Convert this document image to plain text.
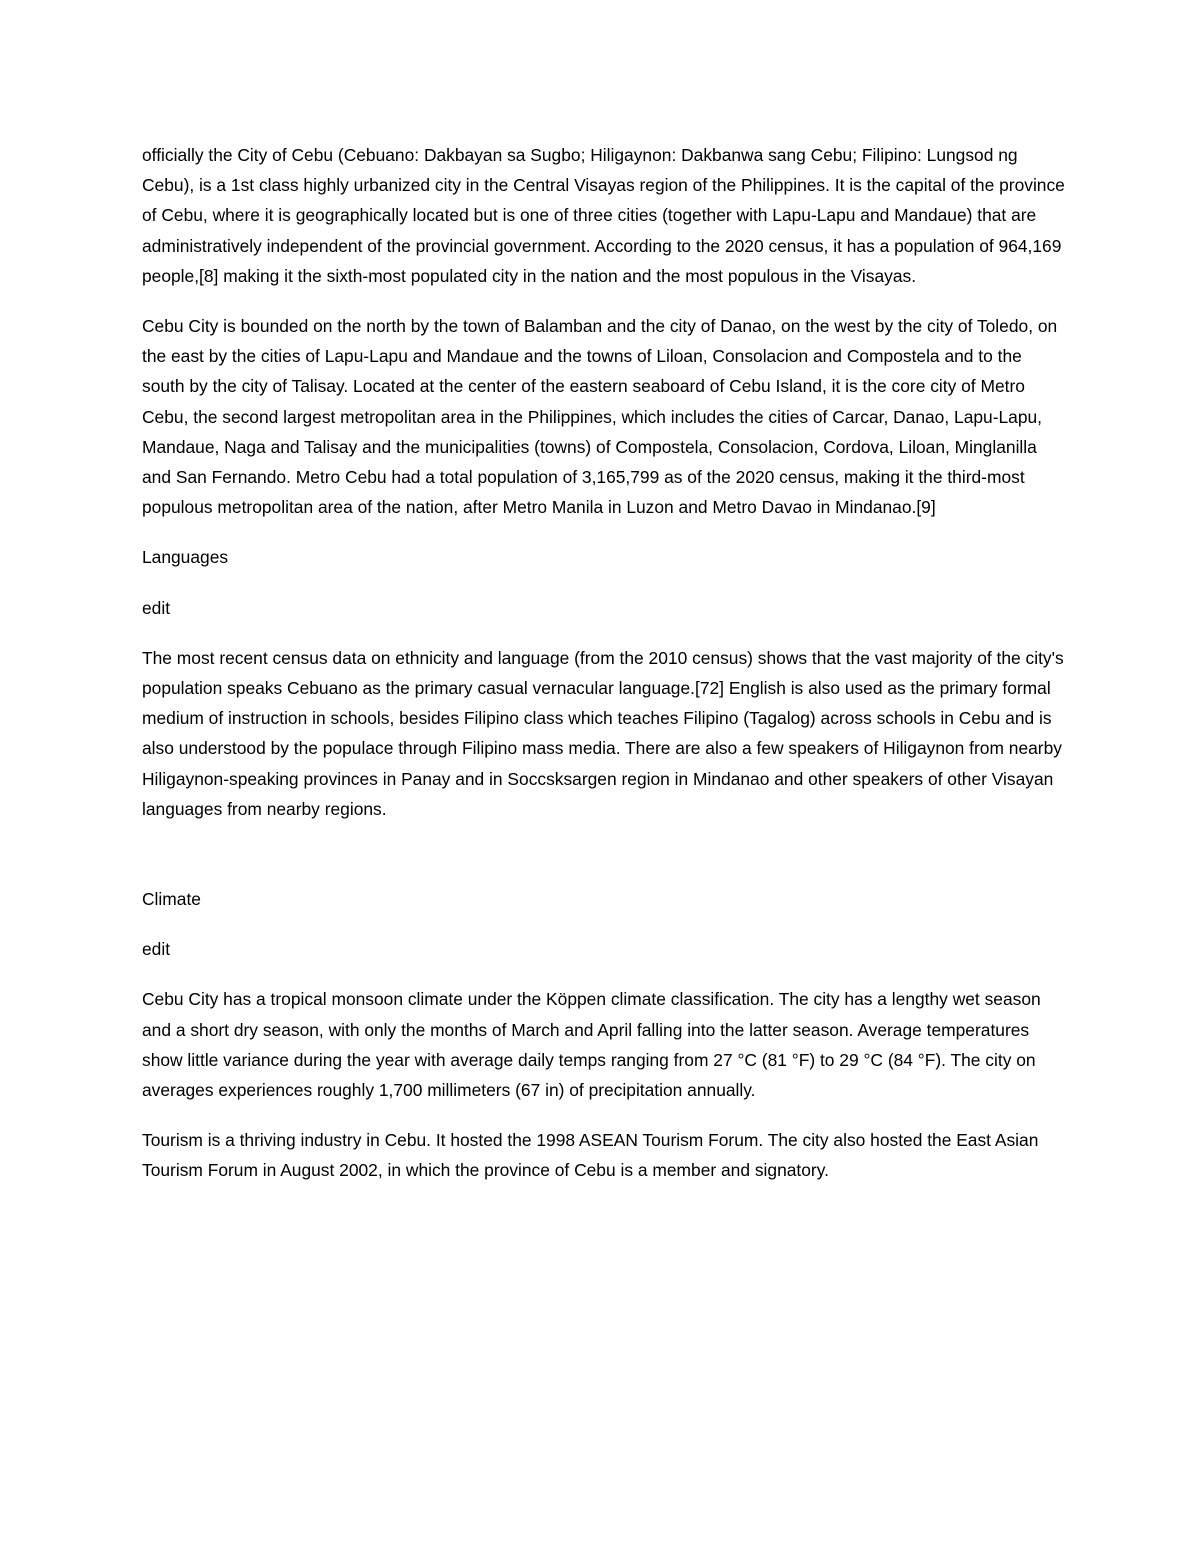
officially the City of Cebu (Cebuano: Dakbayan sa Sugbo; Hiligaynon: Dakbanwa sang Cebu; Filipino: Lungsod ng Cebu), is a 1st class highly urbanized city in the Central Visayas region of the Philippines. It is the capital of the province of Cebu, where it is geographically located but is one of three cities (together with Lapu-Lapu and Mandaue) that are administratively independent of the provincial government. According to the 2020 census, it has a population of 964,169 people,[8] making it the sixth-most populated city in the nation and the most populous in the Visayas.

Cebu City is bounded on the north by the town of Balamban and the city of Danao, on the west by the city of Toledo, on the east by the cities of Lapu-Lapu and Mandaue and the towns of Liloan, Consolacion and Compostela and to the south by the city of Talisay. Located at the center of the eastern seaboard of Cebu Island, it is the core city of Metro Cebu, the second largest metropolitan area in the Philippines, which includes the cities of Carcar, Danao, Lapu-Lapu, Mandaue, Naga and Talisay and the municipalities (towns) of Compostela, Consolacion, Cordova, Liloan, Minglanilla and San Fernando. Metro Cebu had a total population of 3,165,799 as of the 2020 census, making it the third-most populous metropolitan area of the nation, after Metro Manila in Luzon and Metro Davao in Mindanao.[9]

Languages

edit

The most recent census data on ethnicity and language (from the 2010 census) shows that the vast majority of the city's population speaks Cebuano as the primary casual vernacular language.[72] English is also used as the primary formal medium of instruction in schools, besides Filipino class which teaches Filipino (Tagalog) across schools in Cebu and is also understood by the populace through Filipino mass media. There are also a few speakers of Hiligaynon from nearby Hiligaynon-speaking provinces in Panay and in Soccsksargen region in Mindanao and other speakers of other Visayan languages from nearby regions.

Climate

edit

Cebu City has a tropical monsoon climate under the Köppen climate classification. The city has a lengthy wet season and a short dry season, with only the months of March and April falling into the latter season. Average temperatures show little variance during the year with average daily temps ranging from 27 °C (81 °F) to 29 °C (84 °F). The city on averages experiences roughly 1,700 millimeters (67 in) of precipitation annually.

Tourism is a thriving industry in Cebu. It hosted the 1998 ASEAN Tourism Forum. The city also hosted the East Asian Tourism Forum in August 2002, in which the province of Cebu is a member and signatory.
